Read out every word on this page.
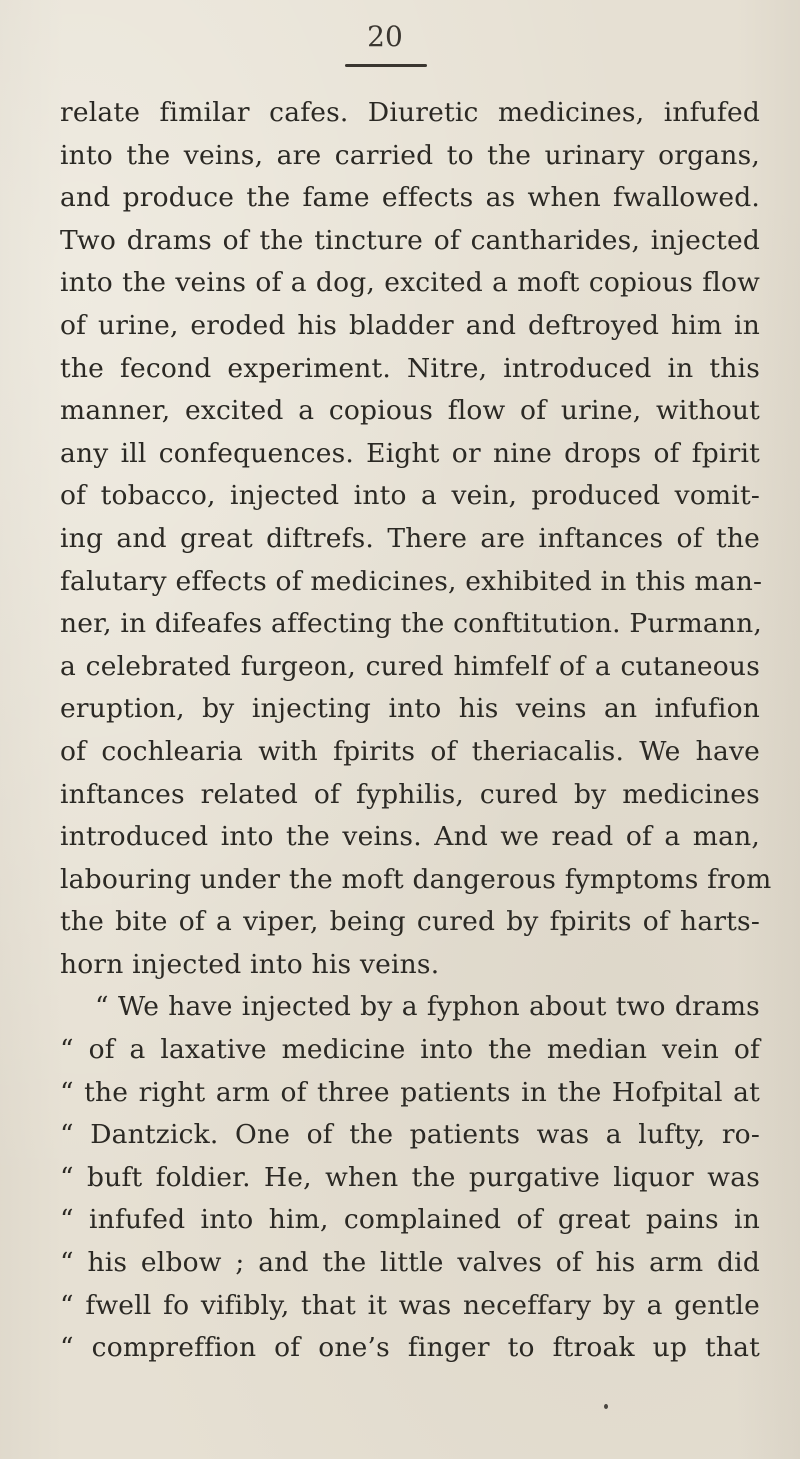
20
relate fimilar cafes. Diuretic medicines, infufed
into the veins, are carried to the urinary organs,
and produce the fame effects as when fwallowed.
Two drams of the tincture of cantharides, injected
into the veins of a dog, excited a moft copious flow
of urine, eroded his bladder and deftroyed him in
the fecond experiment. Nitre, introduced in this
manner, excited a copious flow of urine, without
any ill confequences. Eight or nine drops of fpirit
of tobacco, injected into a vein, produced vomit-
ing and great diftrefs. There are inftances of the
falutary effects of medicines, exhibited in this man-
ner, in difeafes affecting the conftitution. Purmann,
a celebrated furgeon, cured himfelf of a cutaneous
eruption, by injecting into his veins an infufion
of cochlearia with fpirits of theriacalis. We have
inftances related of fyphilis, cured by medicines
introduced into the veins. And we read of a man,
labouring under the moft dangerous fymptoms from
the bite of a viper, being cured by fpirits of harts-
horn injected into his veins.
“ We have injected by a fyphon about two drams
“ of a laxative medicine into the median vein of
“ the right arm of three patients in the Hofpital at
“ Dantzick. One of the patients was a lufty, ro-
“ buft foldier. He, when the purgative liquor was
“ infufed into him, complained of great pains in
“ his elbow ; and the little valves of his arm did
“ fwell fo vifibly, that it was neceffary by a gentle
“ compreffion of one’s finger to ftroak up that
